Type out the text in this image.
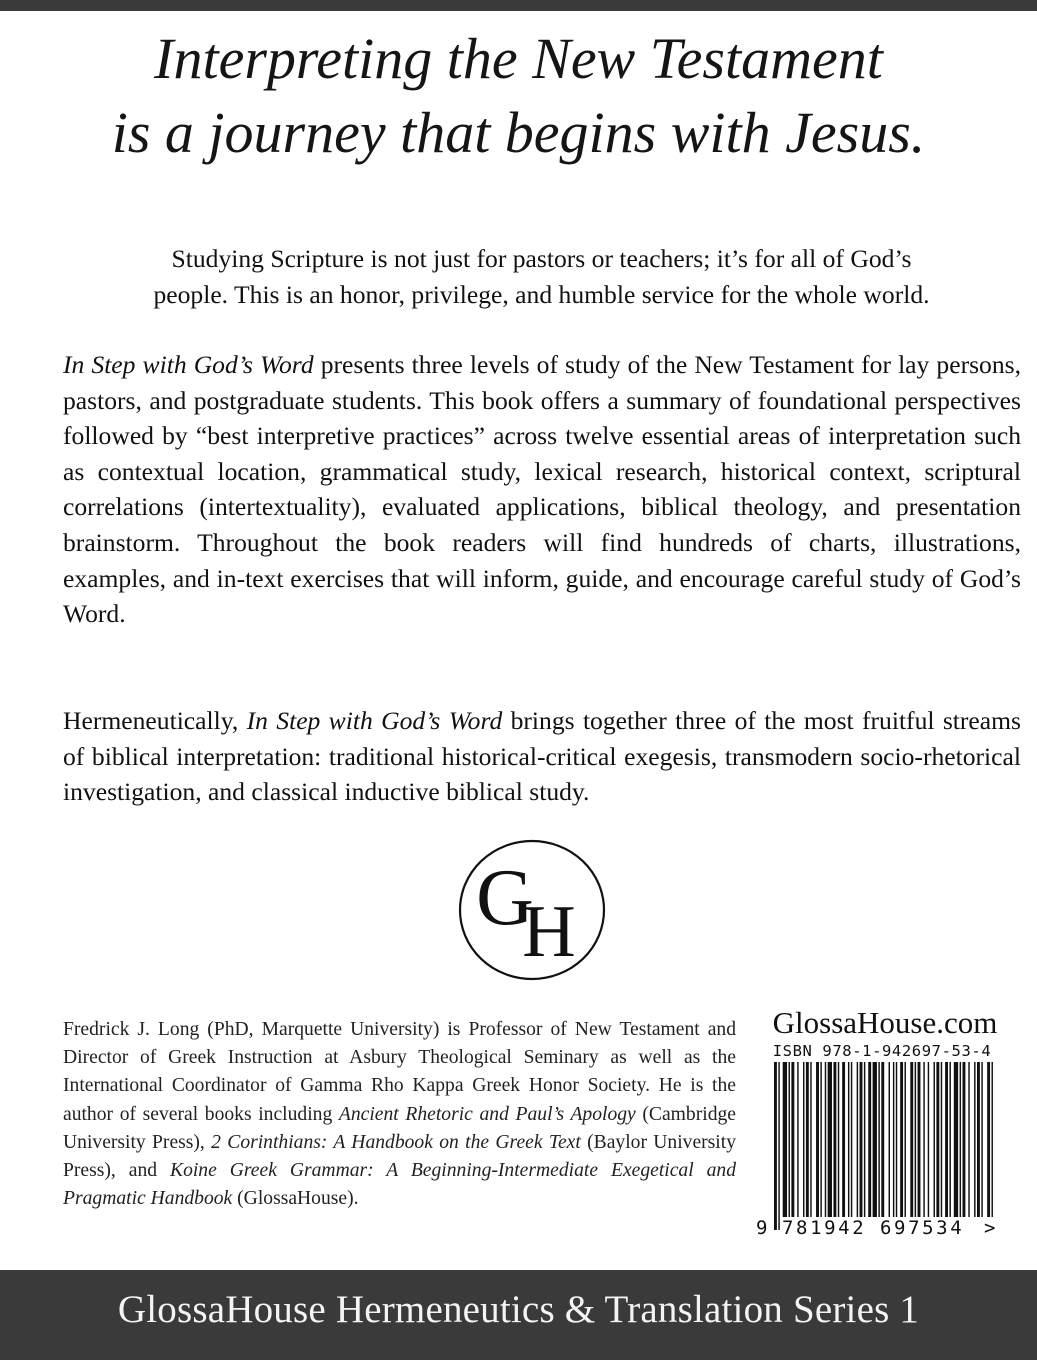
Interpreting the New Testament
is a journey that begins with Jesus.
Studying Scripture is not just for pastors or teachers; it’s for all of God’s
people. This is an honor, privilege, and humble service for the whole world.
In Step with God’s Word presents three levels of study of the New Testament for lay persons, pastors, and postgraduate students. This book offers a summary of foundational perspectives followed by “best interpretive practices” across twelve essential areas of interpretation such as contextual location, grammatical study, lexical research, historical context, scriptural correlations (intertextuality), evaluated applications, biblical theology, and presentation brainstorm. Throughout the book readers will find hundreds of charts, illustrations, examples, and in-text exercises that will inform, guide, and encourage careful study of God’s Word.
Hermeneutically, In Step with God’s Word brings together three of the most fruitful streams of biblical interpretation: traditional historical-critical exegesis, transmodern socio-rhetorical investigation, and classical inductive biblical study.
G
H
Fredrick J. Long (PhD, Marquette University) is Professor of New Testament and Director of Greek Instruction at Asbury Theological Seminary as well as the International Coordinator of Gamma Rho Kappa Greek Honor Society. He is the author of several books including Ancient Rhetoric and Paul’s Apology (Cambridge University Press), 2 Corinthians: A Handbook on the Greek Text (Baylor University Press), and Koine Greek Grammar: A Beginning-Intermediate Exegetical and Pragmatic Handbook (GlossaHouse).
GlossaHouse.com
ISBN 978-1-942697-53-4
9 781942 697534 >
GlossaHouse Hermeneutics & Translation Series 1
